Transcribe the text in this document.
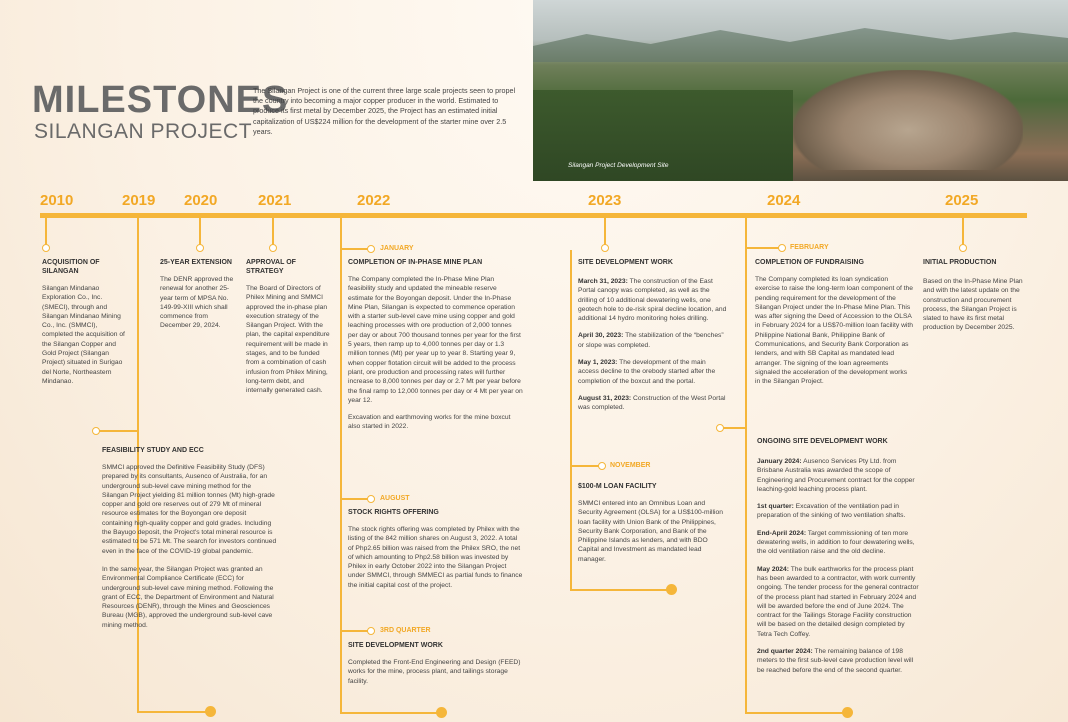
MILESTONES
SILANGAN PROJECT
The Silangan Project is one of the current three large scale projects seen to propel the country into becoming a major copper producer in the world. Estimated to produce its first metal by December 2025, the Project has an estimated initial capitalization of US$224 million for the development of the starter mine over 2.5 years.
Silangan Project Development Site
2010	2019 2020	2021	2022	2023	2024	2025
ACQUISITION OF SILANGAN

Silangan Mindanao Exploration Co., Inc. (SMECI), through and Silangan Mindanao Mining Co., Inc. (SMMCI), completed the acquisition of the Silangan Copper and Gold Project (Silangan Project) situated in Surigao del Norte, Northeastern Mindanao.

FEASIBILITY STUDY AND ECC

SMMCI approved the Definitive Feasibility Study (DFS) prepared by its consultants, Ausenco of Australia, for an underground sub-level cave mining method for the Silangan Project yielding 81 million tonnes (Mt) high-grade copper and gold ore reserves out of 279 Mt of mineral resource estimates for the Boyongan ore deposit containing high-quality copper and gold grades. Including the Bayugo deposit, the Project's total mineral resource is estimated to be 571 Mt. The search for investors continued even in the face of the COVID-19 global pandemic.

In the same year, the Silangan Project was granted an Environmental Compliance Certificate (ECC) for underground sub-level cave mining method. Following the grant of ECC, the Department of Environment and Natural Resources (DENR), through the Mines and Geosciences Bureau (MGB), approved the underground sub-level cave mining method.

25-YEAR EXTENSION

The DENR approved the renewal for another 25-year term of MPSA No. 149-99-XIII which shall commence from December 29, 2024.

APPROVAL OF STRATEGY

The Board of Directors of Philex Mining and SMMCI approved the in-phase plan execution strategy of the Silangan Project. With the plan, the capital expenditure requirement will be made in stages, and to be funded from a combination of cash infusion from Philex Mining, long-term debt, and internally generated cash.

JANUARY
COMPLETION OF IN-PHASE MINE PLAN

The Company completed the In-Phase Mine Plan feasibility study and updated the mineable reserve estimate for the Boyongan deposit. Under the In-Phase Mine Plan, Silangan is expected to commence operation with a starter sub-level cave mine using copper and gold leaching processes with ore production of 2,000 tonnes per day or about 700 thousand tonnes per year for the first 5 years, then ramp up to 4,000 tonnes per day or 1.3 million tonnes (Mt) per year up to year 8. Starting year 9, when copper flotation circuit will be added to the process plant, ore production and processing rates will further increase to 8,000 tonnes per day or 2.7 Mt per year before the final ramp to 12,000 tonnes per day or 4 Mt per year on year 12.

Excavation and earthmoving works for the mine boxcut also started in 2022.

AUGUST
STOCK RIGHTS OFFERING

The stock rights offering was completed by Philex with the listing of the 842 million shares on August 3, 2022. A total of Php2.65 billion was raised from the Philex SRO, the net of which amounting to Php2.58 billion was invested by Philex in early October 2022 into the Silangan Project under SMMCI, through SMMECI as partial funds to finance the initial capital cost of the project.

3RD QUARTER
SITE DEVELOPMENT WORK

Completed the Front-End Engineering and Design (FEED) works for the mine, process plant, and tailings storage facility.

SITE DEVELOPMENT WORK

March 31, 2023: The construction of the East Portal canopy was completed, as well as the drilling of 10 additional dewatering wells, one geotech hole to de-risk spiral decline location, and additional 14 hydro monitoring holes drilling.

April 30, 2023: The stabilization of the “benches” or slope was completed.

May 1, 2023: The development of the main access decline to the orebody started after the completion of the boxcut and the portal.

August 31, 2023: Construction of the West Portal was completed.

NOVEMBER
$100-M LOAN FACILITY

SMMCI entered into an Omnibus Loan and Security Agreement (OLSA) for a US$100-million loan facility with Union Bank of the Philippines, Security Bank Corporation, and Bank of the Philippine Islands as lenders, and with BDO Capital and Investment as mandated lead manager.

FEBRUARY
COMPLETION OF FUNDRAISING

The Company completed its loan syndication exercise to raise the long-term loan component of the pending requirement for the development of the Silangan Project under the In-Phase Mine Plan. This was after signing the Deed of Accession to the OLSA in February 2024 for a US$70-million loan facility with Philippine National Bank, Philippine Bank of Communications, and Security Bank Corporation as lenders, and with SB Capital as mandated lead arranger. The signing of the loan agreements signaled the acceleration of the development works in the Silangan Project.

ONGOING SITE DEVELOPMENT WORK

January 2024: Ausenco Services Pty Ltd. from Brisbane Australia was awarded the scope of Engineering and Procurement contract for the copper leaching-gold leaching process plant.

1st quarter: Excavation of the ventilation pad in preparation of the sinking of two ventilation shafts.

End-April 2024: Target commissioning of ten more dewatering wells, in addition to four dewatering wells, the old ventilation raise and the old decline.

May 2024: The bulk earthworks for the process plant has been awarded to a contractor, with work currently ongoing. The tender process for the general contractor of the process plant had started in February 2024 and will be awarded before the end of June 2024. The contract for the Tailings Storage Facility construction will be based on the detailed design completed by Tetra Tech Coffey.

2nd quarter 2024: The remaining balance of 198 meters to the first sub-level cave production level will be reached before the end of the second quarter.

INITIAL PRODUCTION

Based on the In-Phase Mine Plan and with the latest update on the construction and procurement process, the Silangan Project is slated to have its first metal production by December 2025.
